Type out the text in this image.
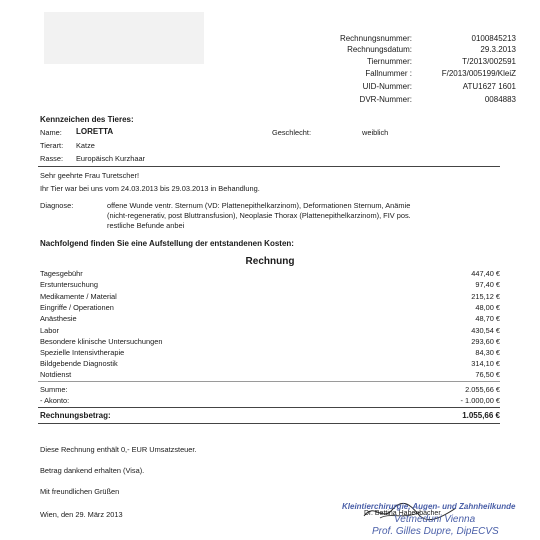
Rechnungsnummer:	0100845213
Rechnungsdatum:	29.3.2013
Tiernummer:	T/2013/002591
Fallnummer :	F/2013/005199/KleiZ
UID-Nummer:	ATU1627 1601
DVR-Nummer:	0084883
Kennzeichen des Tieres:
Name: LORETTA	Geschlecht:	weiblich
Tierart: Katze
Rasse: Europäisch Kurzhaar
Sehr geehrte Frau Turetscher!
Ihr Tier war bei uns vom 24.03.2013 bis 29.03.2013 in Behandlung.
Diagnose:	offene Wunde ventr. Sternum (VD: Plattenepithelkarzinom), Deformationen Sternum, Anämie
(nicht-regenerativ, post Bluttransfusion), Neoplasie Thorax (Plattenepithelkarzinom), FIV pos.
restliche Befunde anbei
Nachfolgend finden Sie eine Aufstellung der entstandenen Kosten:
Rechnung
Tagesgebühr	447,40 €
Erstuntersuchung	97,40 €
Medikamente / Material	215,12 €
Eingriffe / Operationen	48,00 €
Anästhesie	48,70 €
Labor	430,54 €
Besondere klinische Untersuchungen	293,60 €
Spezielle Intensivtherapie	84,30 €
Bildgebende Diagnostik	314,10 €
Notdienst	76,50 €
Summe:	2.055,66 €
- Akonto:	- 1.000,00 €
Rechnungsbetrag:	1.055,66 €
Diese Rechnung enthält 0,- EUR Umsatzsteuer.
Betrag dankend erhalten (Visa).
Mit freundlichen Grüßen
Wien, den 29. März 2013	Dr. Bettina Habenbacher
Kleintierchirurgie, Augen- und Zahnheilkunde
Vetmeduni Vienna
Prof. Gilles Dupre, DipECVS
